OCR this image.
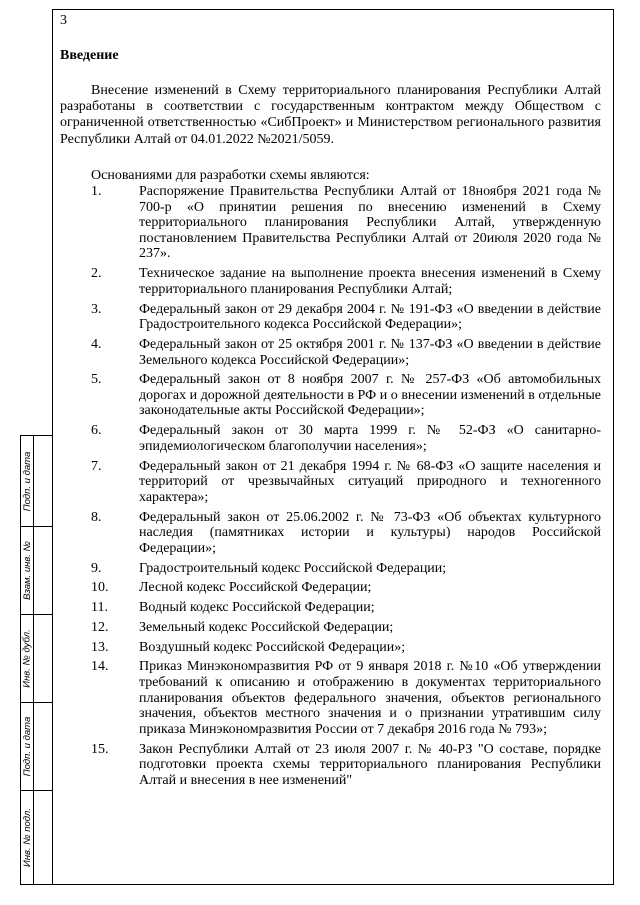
3
Введение

Внесение изменений в Схему территориального планирования Республики Алтай разработаны в соответствии с государственным контрактом между Обществом с ограниченной ответственностью «СибПроект» и Министерством регионального развития Республики Алтай от 04.01.2022 №2021/5059.

Основаниями для разработки схемы являются:

1.	Распоряжение Правительства Республики Алтай от 18ноября 2021 года № 700-р «О принятии решения по внесению изменений в Схему территориального планирования Республики Алтай, утвержденную постановлением Правительства Республики Алтай от 20июля 2020 года № 237».
2.	Техническое задание на выполнение проекта внесения изменений в Схему территориального планирования Республики Алтай;
3.	Федеральный закон от 29 декабря 2004 г. № 191-ФЗ «О введении в действие Градостроительного кодекса Российской Федерации»;
4.	Федеральный закон от 25 октября 2001 г. № 137-ФЗ «О введении в действие Земельного кодекса Российской Федерации»;
5.	Федеральный закон от 8 ноября 2007 г. № 257-ФЗ «Об автомобильных дорогах и дорожной деятельности в РФ и о внесении изменений в отдельные законодательные акты Российской Федерации»;
6.	Федеральный закон от 30 марта 1999 г. № 52-ФЗ «О санитарно-эпидемиологическом благополучии населения»;
7.	Федеральный закон от 21 декабря 1994 г. № 68-ФЗ «О защите населения и территорий от чрезвычайных ситуаций природного и техногенного характера»;
8.	Федеральный закон от 25.06.2002 г. № 73-ФЗ «Об объектах культурного наследия (памятниках истории и культуры) народов Российской Федерации»;
9.	Градостроительный кодекс Российской Федерации;
10. Лесной кодекс Российской Федерации;
11. Водный кодекс Российской Федерации;
12. Земельный кодекс Российской Федерации;
13. Воздушный кодекс Российской Федерации»;
14. Приказ Минэкономразвития РФ от 9 января 2018 г. №10 «Об утверждении требований к описанию и отображению в документах территориального планирования объектов федерального значения, объектов регионального значения, объектов местного значения и о признании утратившим силу приказа Минэкономразвития России от 7 декабря 2016 года № 793»;
15. Закон Республики Алтай от 23 июля 2007 г. № 40-РЗ "О составе, порядке подготовки проекта схемы территориального планирования Республики Алтай и внесения в нее изменений"
Подп. и дата
Взам. инв. №
Инв. № дубл.
Подп. и дата
Инв. № подл.
